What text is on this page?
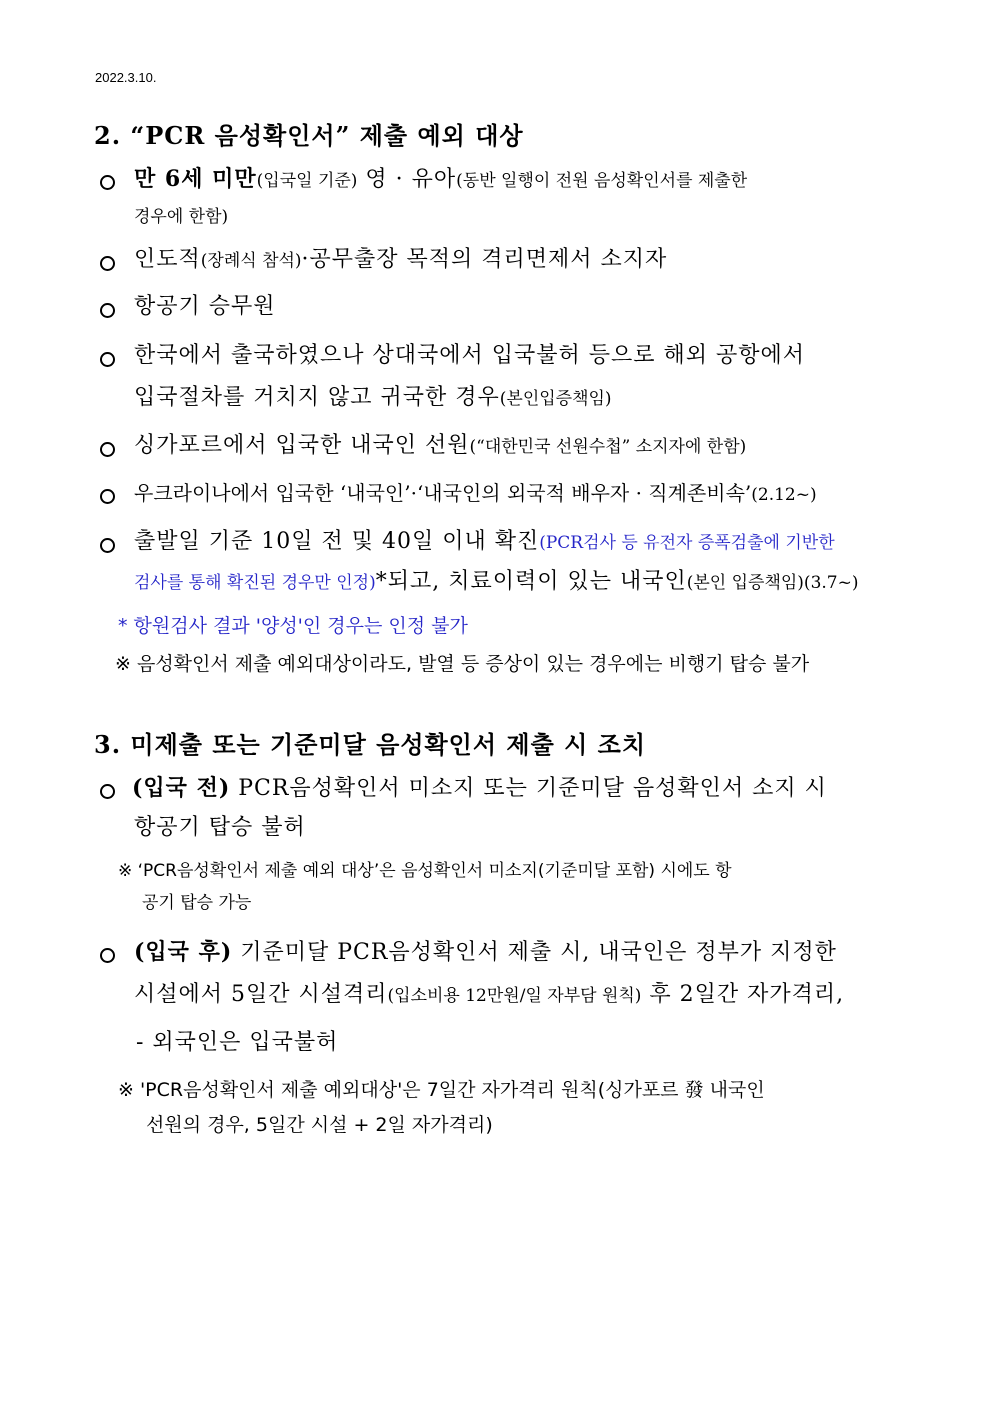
2022.3.10.
2. “PCR 음성확인서” 제출 예외 대상
만 6세 미만(입국일 기준) 영 · 유아(동반 일행이 전원 음성확인서를 제출한
경우에 한함)
인도적(장례식 참석)·공무출장 목적의 격리면제서 소지자
항공기 승무원
한국에서 출국하였으나 상대국에서 입국불허 등으로 해외 공항에서
입국절차를 거치지 않고 귀국한 경우(본인입증책임)
싱가포르에서 입국한 내국인 선원(“대한민국 선원수첩” 소지자에 한함)
우크라이나에서 입국한 ‘내국인’·‘내국인의 외국적 배우자 · 직계존비속’(2.12~)
출발일 기준 10일 전 및 40일 이내 확진(PCR검사 등 유전자 증폭검출에 기반한
검사를 통해 확진된 경우만 인정)*되고, 치료이력이 있는 내국인(본인 입증책임)(3.7~)
* 항원검사 결과 '양성'인 경우는 인정 불가
※ 음성확인서 제출 예외대상이라도, 발열 등 증상이 있는 경우에는 비행기 탑승 불가
3. 미제출 또는 기준미달 음성확인서 제출 시 조치
(입국 전) PCR음성확인서 미소지 또는 기준미달 음성확인서 소지 시
항공기 탑승 불허
※ ‘PCR음성확인서 제출 예외 대상’은 음성확인서 미소지(기준미달 포함) 시에도 항
공기 탑승 가능
(입국 후) 기준미달 PCR음성확인서 제출 시, 내국인은 정부가 지정한
시설에서 5일간 시설격리(입소비용 12만원/일 자부담 원칙) 후 2일간 자가격리,
- 외국인은 입국불허
※ 'PCR음성확인서 제출 예외대상'은 7일간 자가격리 원칙(싱가포르 發 내국인
선원의 경우, 5일간 시설 + 2일 자가격리)
